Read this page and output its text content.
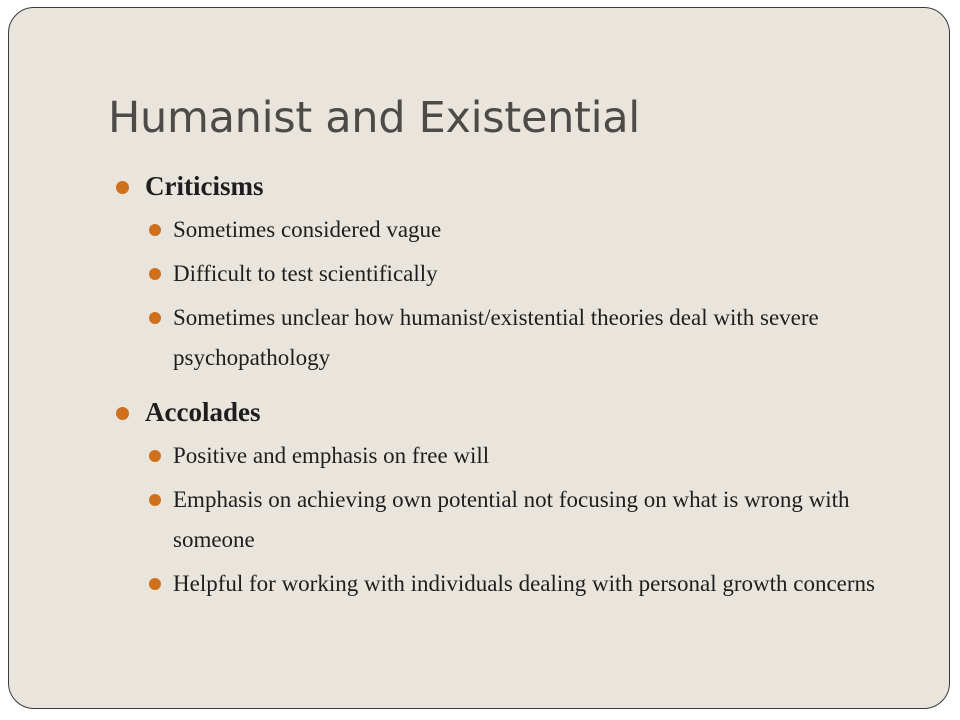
Humanist and Existential
Criticisms
Sometimes considered vague
Difficult to test scientifically
Sometimes unclear how humanist/existential theories deal with severe psychopathology
Accolades
Positive and emphasis on free will
Emphasis on achieving own potential not focusing on what is wrong with someone
Helpful for working with individuals dealing with personal growth concerns
